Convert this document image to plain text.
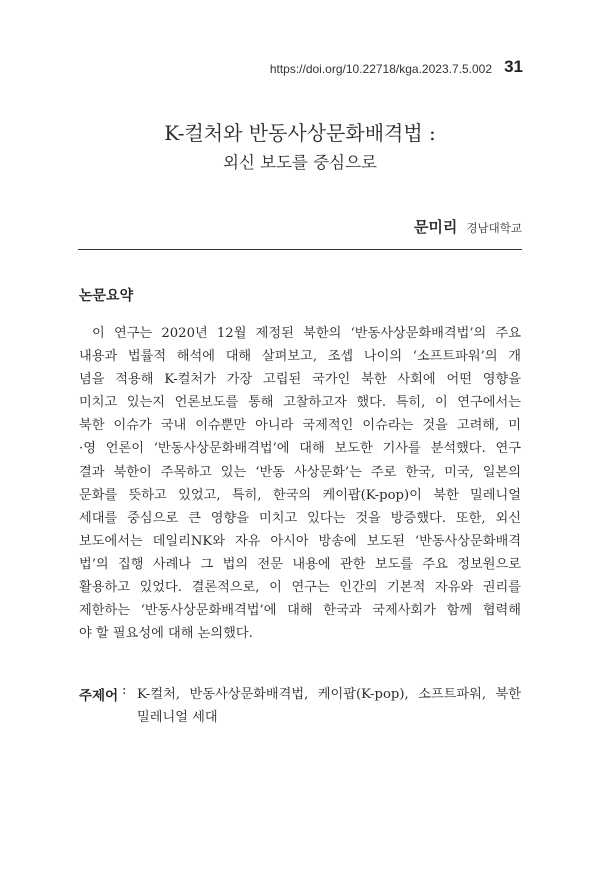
https://doi.org/10.22718/kga.2023.7.5.002 31
K-컬처와 반동사상문화배격법 :
외신 보도를 중심으로
문미리 경남대학교
논문요약
이 연구는 2020년 12월 제정된 북한의 ‘반동사상문화배격법’의 주요
내용과 법률적 해석에 대해 살펴보고, 조셉 나이의 ‘소프트파워’의 개
념을 적용해 K-컬처가 가장 고립된 국가인 북한 사회에 어떤 영향을
미치고 있는지 언론보도를 통해 고찰하고자 했다. 특히, 이 연구에서는
북한 이슈가 국내 이슈뿐만 아니라 국제적인 이슈라는 것을 고려해, 미
·영 언론이 ‘반동사상문화배격법’에 대해 보도한 기사를 분석했다. 연구
결과 북한이 주목하고 있는 ‘반동 사상문화’는 주로 한국, 미국, 일본의
문화를 뜻하고 있었고, 특히, 한국의 케이팝(K-pop)이 북한 밀레니얼
세대를 중심으로 큰 영향을 미치고 있다는 것을 방증했다. 또한, 외신
보도에서는 데일리NK와 자유 아시아 방송에 보도된 ‘반동사상문화배격
법’의 집행 사례나 그 법의 전문 내용에 관한 보도를 주요 정보원으로
활용하고 있었다. 결론적으로, 이 연구는 인간의 기본적 자유와 권리를
제한하는 ‘반동사상문화배격법’에 대해 한국과 국제사회가 함께 협력해
야 할 필요성에 대해 논의했다.
주제어 : K-컬처, 반동사상문화배격법, 케이팝(K-pop), 소프트파워, 북한
밀레니얼 세대
